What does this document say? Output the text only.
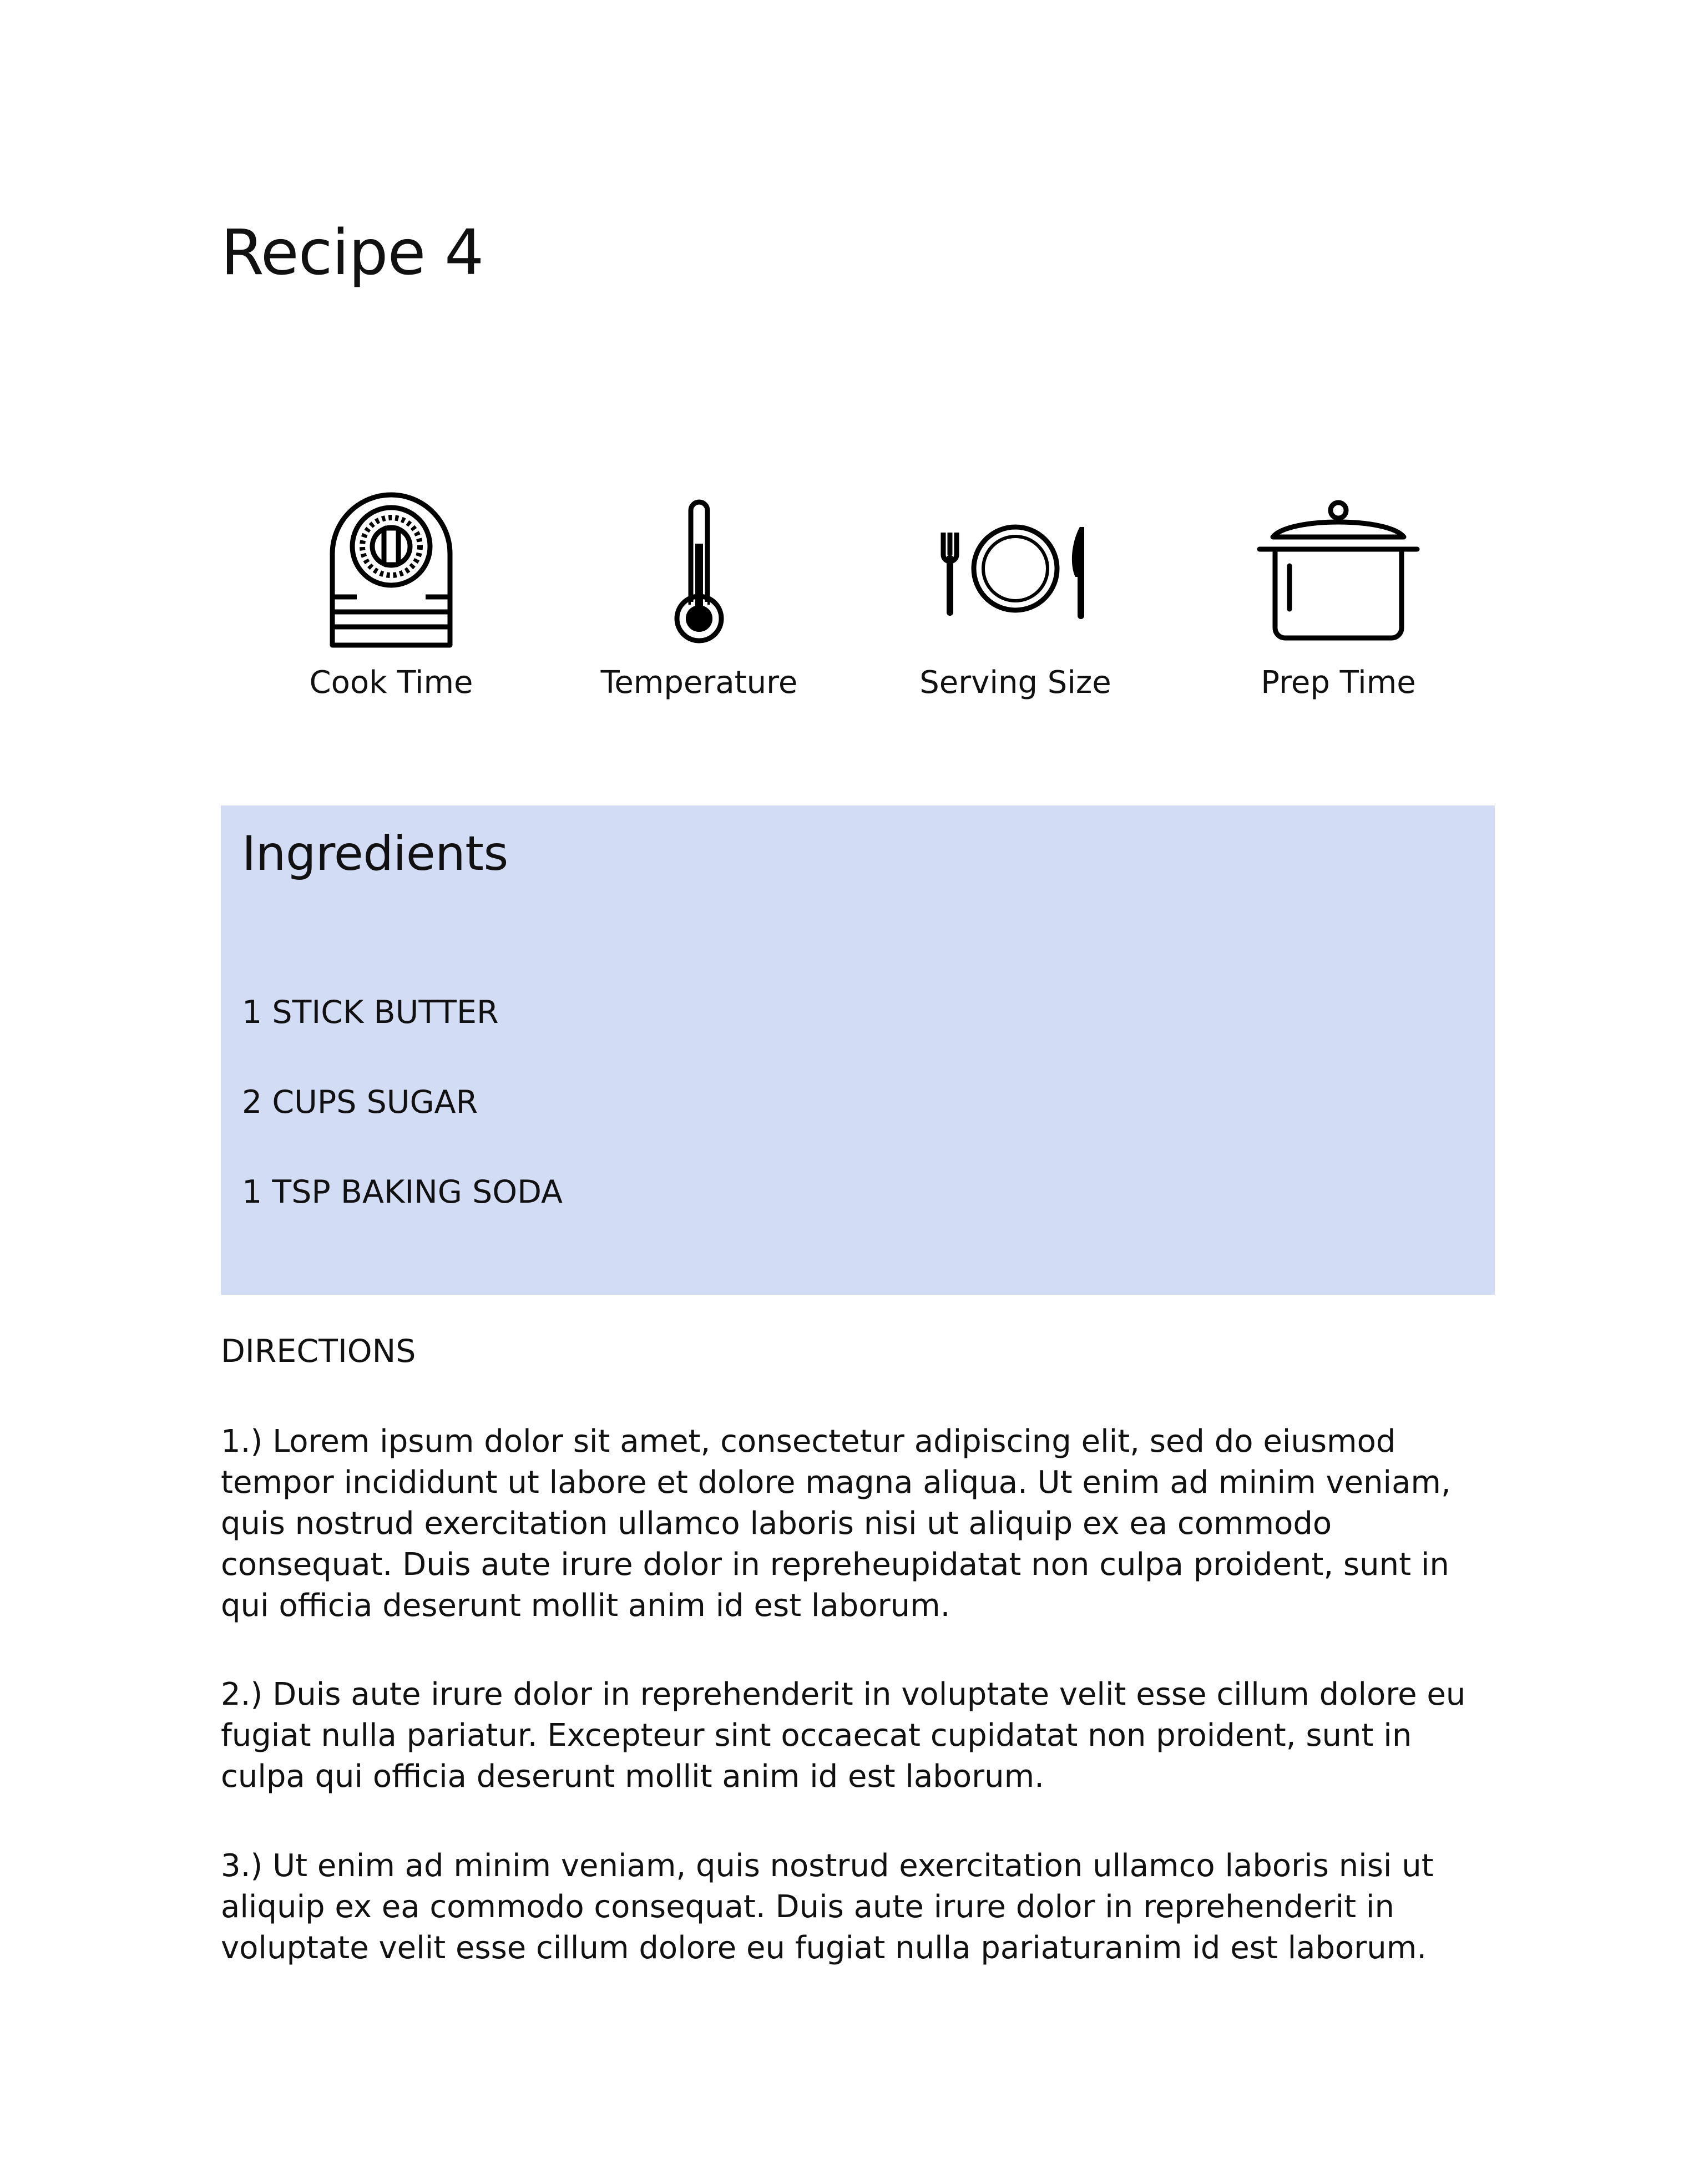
Recipe 4
Cook Time	Temperature	Serving Size	Prep Time
Ingredients
1 STICK BUTTER
2 CUPS SUGAR
1 TSP BAKING SODA
DIRECTIONS

1.) Lorem ipsum dolor sit amet, consectetur adipiscing elit, sed do eiusmod tempor incididunt ut labore et dolore magna aliqua. Ut enim ad minim veniam, quis nostrud exercitation ullamco laboris nisi ut aliquip ex ea commodo consequat. Duis aute irure dolor in repreheupidatat non culpa proident, sunt in qui officia deserunt mollit anim id est laborum.

2.) Duis aute irure dolor in reprehenderit in voluptate velit esse cillum dolore eu fugiat nulla pariatur. Excepteur sint occaecat cupidatat non proident, sunt in culpa qui officia deserunt mollit anim id est laborum.

3.) Ut enim ad minim veniam, quis nostrud exercitation ullamco laboris nisi ut aliquip ex ea commodo consequat. Duis aute irure dolor in reprehenderit in voluptate velit esse cillum dolore eu fugiat nulla pariaturanim id est laborum.
